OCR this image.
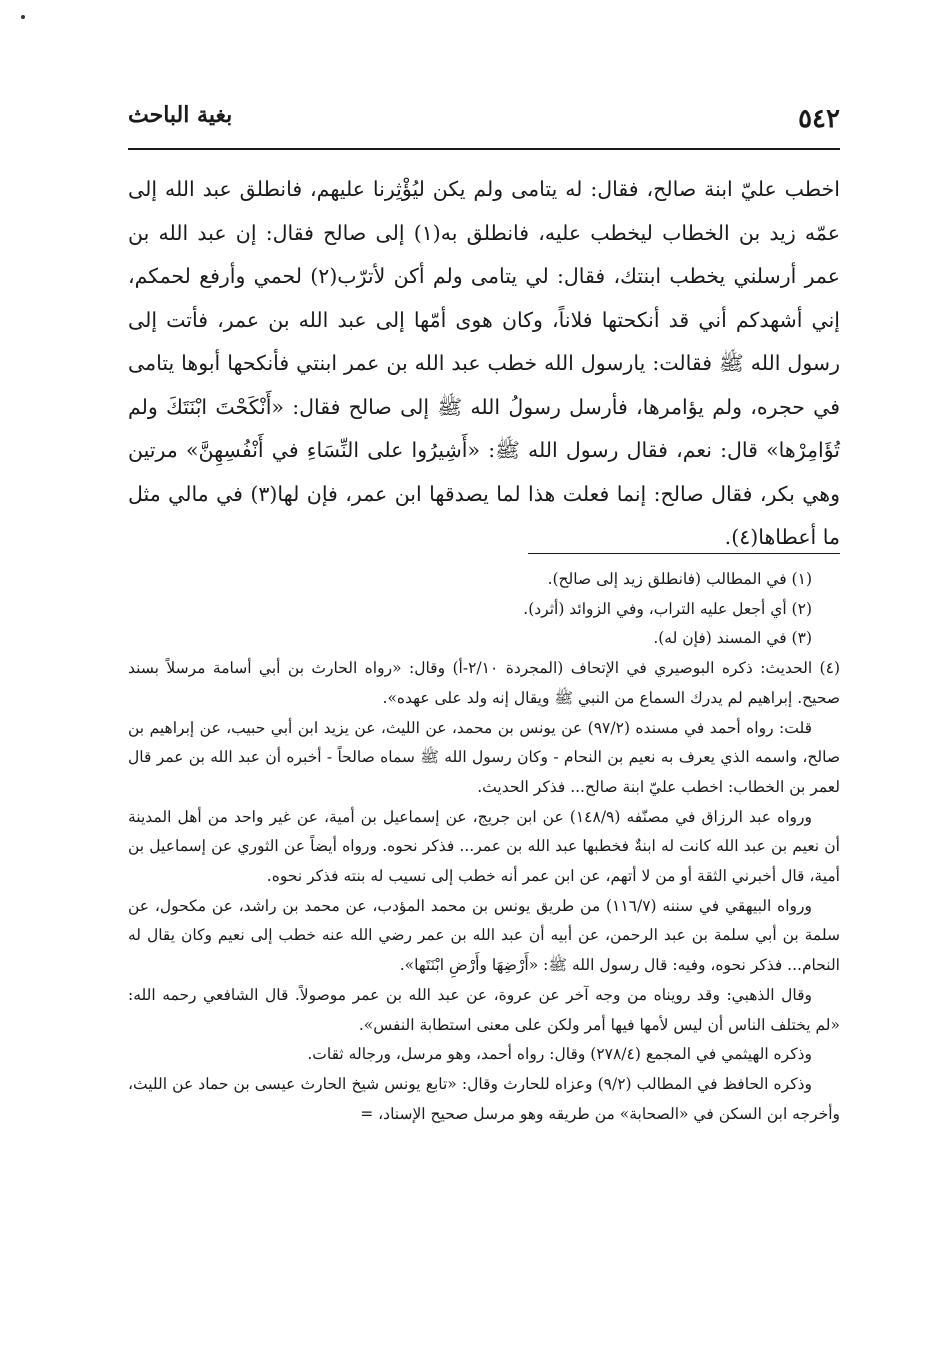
٥٤٢
بغية الباحث

اخطب عليّ ابنة صالح، فقال: له يتامى ولم يكن ليُؤْثِرنا عليهم، فانطلق عبد الله إلى عمّه زيد بن الخطاب ليخطب عليه، فانطلق به(١) إلى صالح فقال: إن عبد الله بن عمر أرسلني يخطب ابنتك، فقال: لي يتامى ولم أكن لأترّب(٢) لحمي وأرفع لحمكم، إني أشهدكم أني قد أنكحتها فلاناً، وكان هوى أمّها إلى عبد الله بن عمر، فأتت إلى رسول الله ﷺ فقالت: يارسول الله خطب عبد الله بن عمر ابنتي فأنكحها أبوها يتامى في حجره، ولم يؤامرها، فأرسل رسولُ الله ﷺ إلى صالح فقال: «أَنْكَحْتَ ابْنَتَكَ ولم تُؤَامِرْها» قال: نعم، فقال رسول الله ﷺ: «أَشِيرُوا على النِّسَاءِ في أَنْفُسِهِنَّ» مرتين وهي بكر، فقال صالح: إنما فعلت هذا لما يصدقها ابن عمر، فإن لها(٣) في مالي مثل ما أعطاها(٤).

(١) في المطالب (فانطلق زيد إلى صالح).

(٢) أي أجعل عليه التراب، وفي الزوائد (أثرد).

(٣) في المسند (فإن له).

(٤) الحديث: ذكره البوصيري في الإتحاف (المجردة ٢/١٠-أ) وقال: «رواه الحارث بن أبي أسامة مرسلاً بسند صحيح. إبراهيم لم يدرك السماع من النبي ﷺ ويقال إنه ولد على عهده».

قلت: رواه أحمد في مسنده (٩٧/٢) عن يونس بن محمد، عن الليث، عن يزيد ابن أبي حبيب، عن إبراهيم بن صالح، واسمه الذي يعرف به نعيم بن النحام - وكان رسول الله ﷺ سماه صالحاً - أخبره أن عبد الله بن عمر قال لعمر بن الخطاب: اخطب عليّ ابنة صالح... فذكر الحديث.

ورواه عبد الرزاق في مصنّفه (١٤٨/٩) عن ابن جريج، عن إسماعيل بن أمية، عن غير واحد من أهل المدينة أن نعيم بن عبد الله كانت له ابنةٌ فخطبها عبد الله بن عمر... فذكر نحوه. ورواه أيضاً عن الثوري عن إسماعيل بن أمية، قال أخبرني الثقة أو من لا أتهم، عن ابن عمر أنه خطب إلى نسيب له بنته فذكر نحوه.

ورواه البيهقي في سننه (١١٦/٧) من طريق يونس بن محمد المؤدب، عن محمد بن راشد، عن مكحول، عن سلمة بن أبي سلمة بن عبد الرحمن، عن أبيه أن عبد الله بن عمر رضي الله عنه خطب إلى نعيم وكان يقال له النحام... فذكر نحوه، وفيه: قال رسول الله ﷺ: «أَرْضِهَا وأَرْضِ ابْنَتَها».

وقال الذهبي: وقد رويناه من وجه آخر عن عروة، عن عبد الله بن عمر موصولاً. قال الشافعي رحمه الله: «لم يختلف الناس أن ليس لأمها فيها أمر ولكن على معنى استطابة النفس».

وذكره الهيثمي في المجمع (٢٧٨/٤) وقال: رواه أحمد، وهو مرسل، ورجاله ثقات.

وذكره الحافظ في المطالب (٩/٢) وعزاه للحارث وقال: «تابع يونس شيخ الحارث عيسى بن حماد عن الليث، وأخرجه ابن السكن في «الصحابة» من طريقه وهو مرسل صحيح الإسناد، =
